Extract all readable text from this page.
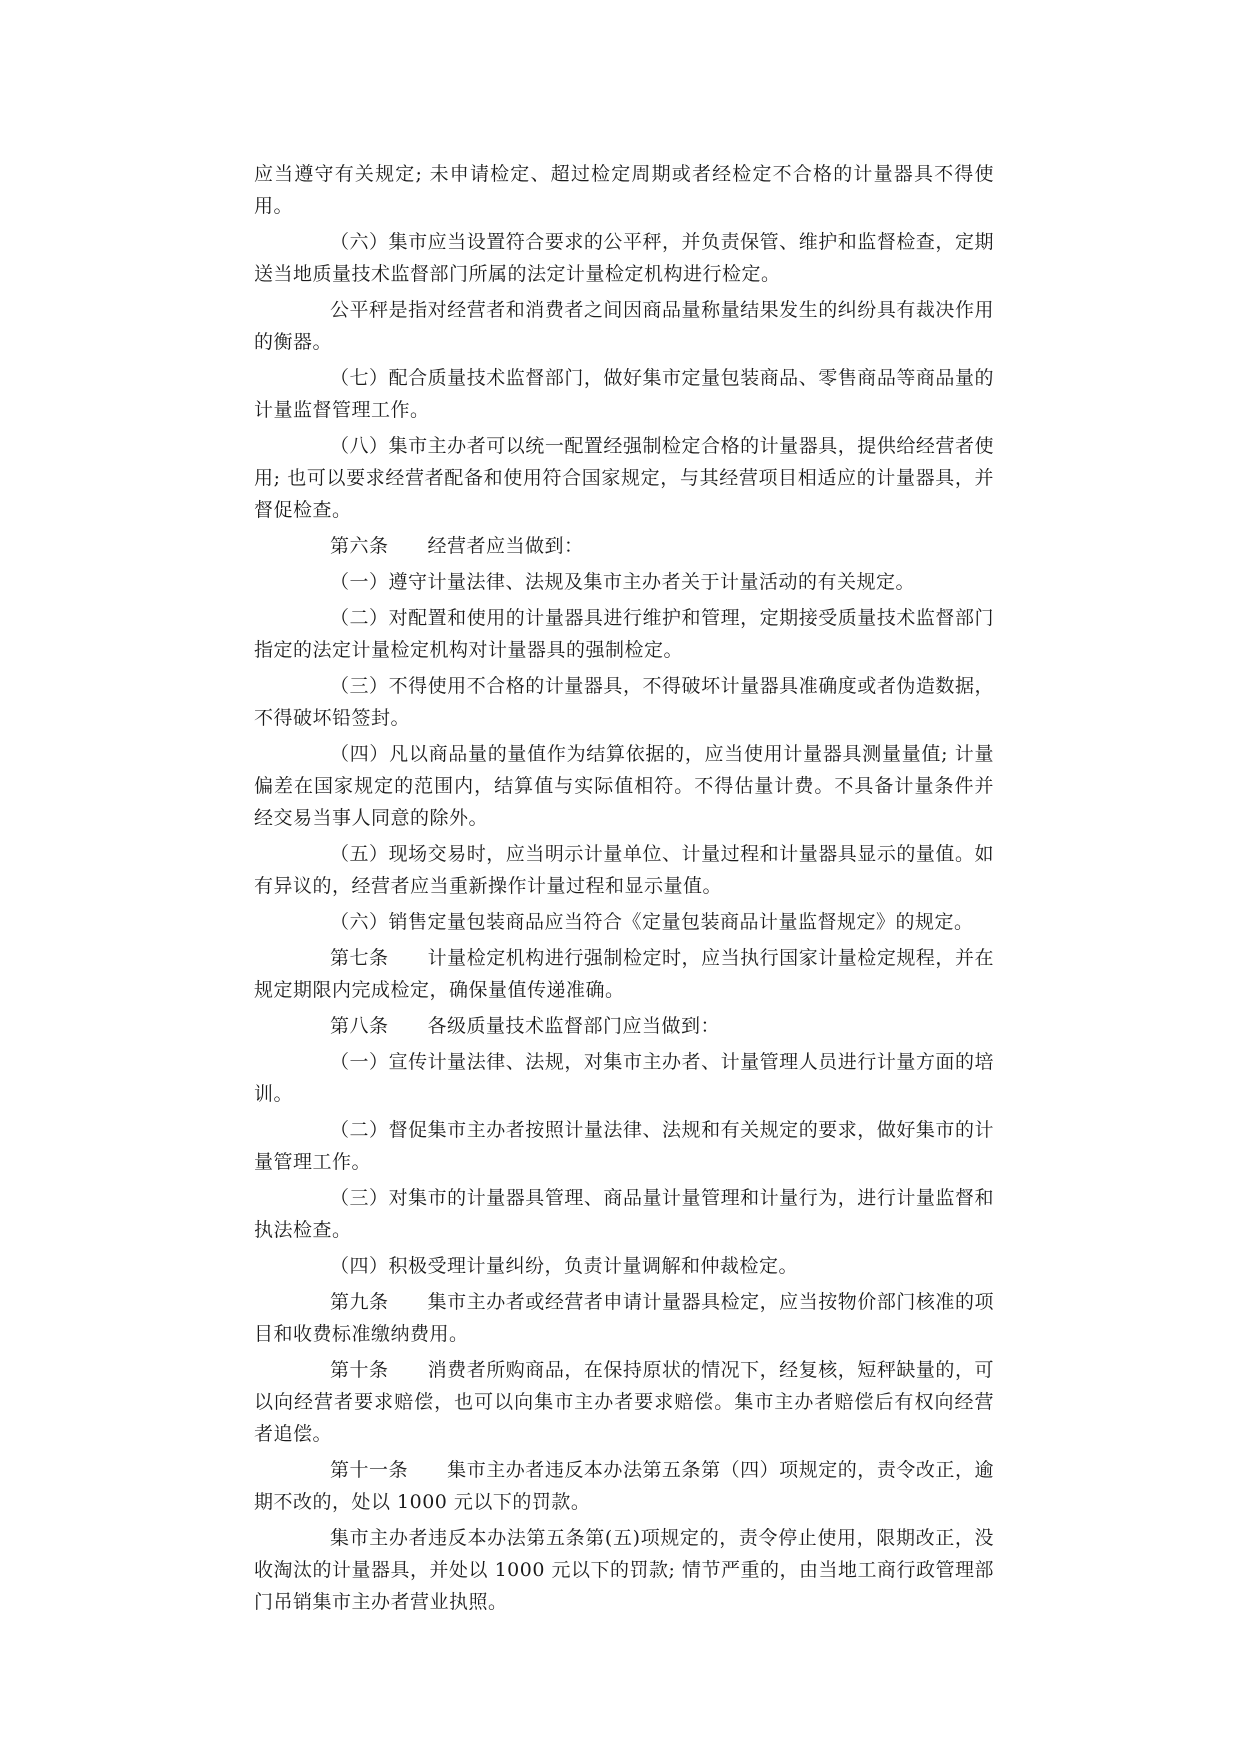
应当遵守有关规定; 未申请检定、超过检定周期或者经检定不合格的计量器具不得使用。

（六）集市应当设置符合要求的公平秤，并负责保管、维护和监督检查，定期送当地质量技术监督部门所属的法定计量检定机构进行检定。

公平秤是指对经营者和消费者之间因商品量称量结果发生的纠纷具有裁决作用的衡器。

（七）配合质量技术监督部门，做好集市定量包装商品、零售商品等商品量的计量监督管理工作。

（八）集市主办者可以统一配置经强制检定合格的计量器具，提供给经营者使用; 也可以要求经营者配备和使用符合国家规定，与其经营项目相适应的计量器具，并督促检查。

第六条　　经营者应当做到：

（一）遵守计量法律、法规及集市主办者关于计量活动的有关规定。

（二）对配置和使用的计量器具进行维护和管理，定期接受质量技术监督部门指定的法定计量检定机构对计量器具的强制检定。

（三）不得使用不合格的计量器具，不得破坏计量器具准确度或者伪造数据，不得破坏铅签封。

（四）凡以商品量的量值作为结算依据的，应当使用计量器具测量量值; 计量偏差在国家规定的范围内，结算值与实际值相符。不得估量计费。不具备计量条件并经交易当事人同意的除外。

（五）现场交易时，应当明示计量单位、计量过程和计量器具显示的量值。如有异议的，经营者应当重新操作计量过程和显示量值。

（六）销售定量包装商品应当符合《定量包装商品计量监督规定》的规定。

第七条　　计量检定机构进行强制检定时，应当执行国家计量检定规程，并在规定期限内完成检定，确保量值传递准确。

第八条　　各级质量技术监督部门应当做到：

（一）宣传计量法律、法规，对集市主办者、计量管理人员进行计量方面的培训。

（二）督促集市主办者按照计量法律、法规和有关规定的要求，做好集市的计量管理工作。

（三）对集市的计量器具管理、商品量计量管理和计量行为，进行计量监督和执法检查。

（四）积极受理计量纠纷，负责计量调解和仲裁检定。

第九条　　集市主办者或经营者申请计量器具检定，应当按物价部门核准的项目和收费标准缴纳费用。

第十条　　消费者所购商品，在保持原状的情况下，经复核，短秤缺量的，可以向经营者要求赔偿，也可以向集市主办者要求赔偿。集市主办者赔偿后有权向经营者追偿。

第十一条　　集市主办者违反本办法第五条第（四）项规定的，责令改正，逾期不改的，处以 1000 元以下的罚款。

集市主办者违反本办法第五条第(五)项规定的，责令停止使用，限期改正，没收淘汰的计量器具，并处以 1000 元以下的罚款; 情节严重的，由当地工商行政管理部门吊销集市主办者营业执照。
